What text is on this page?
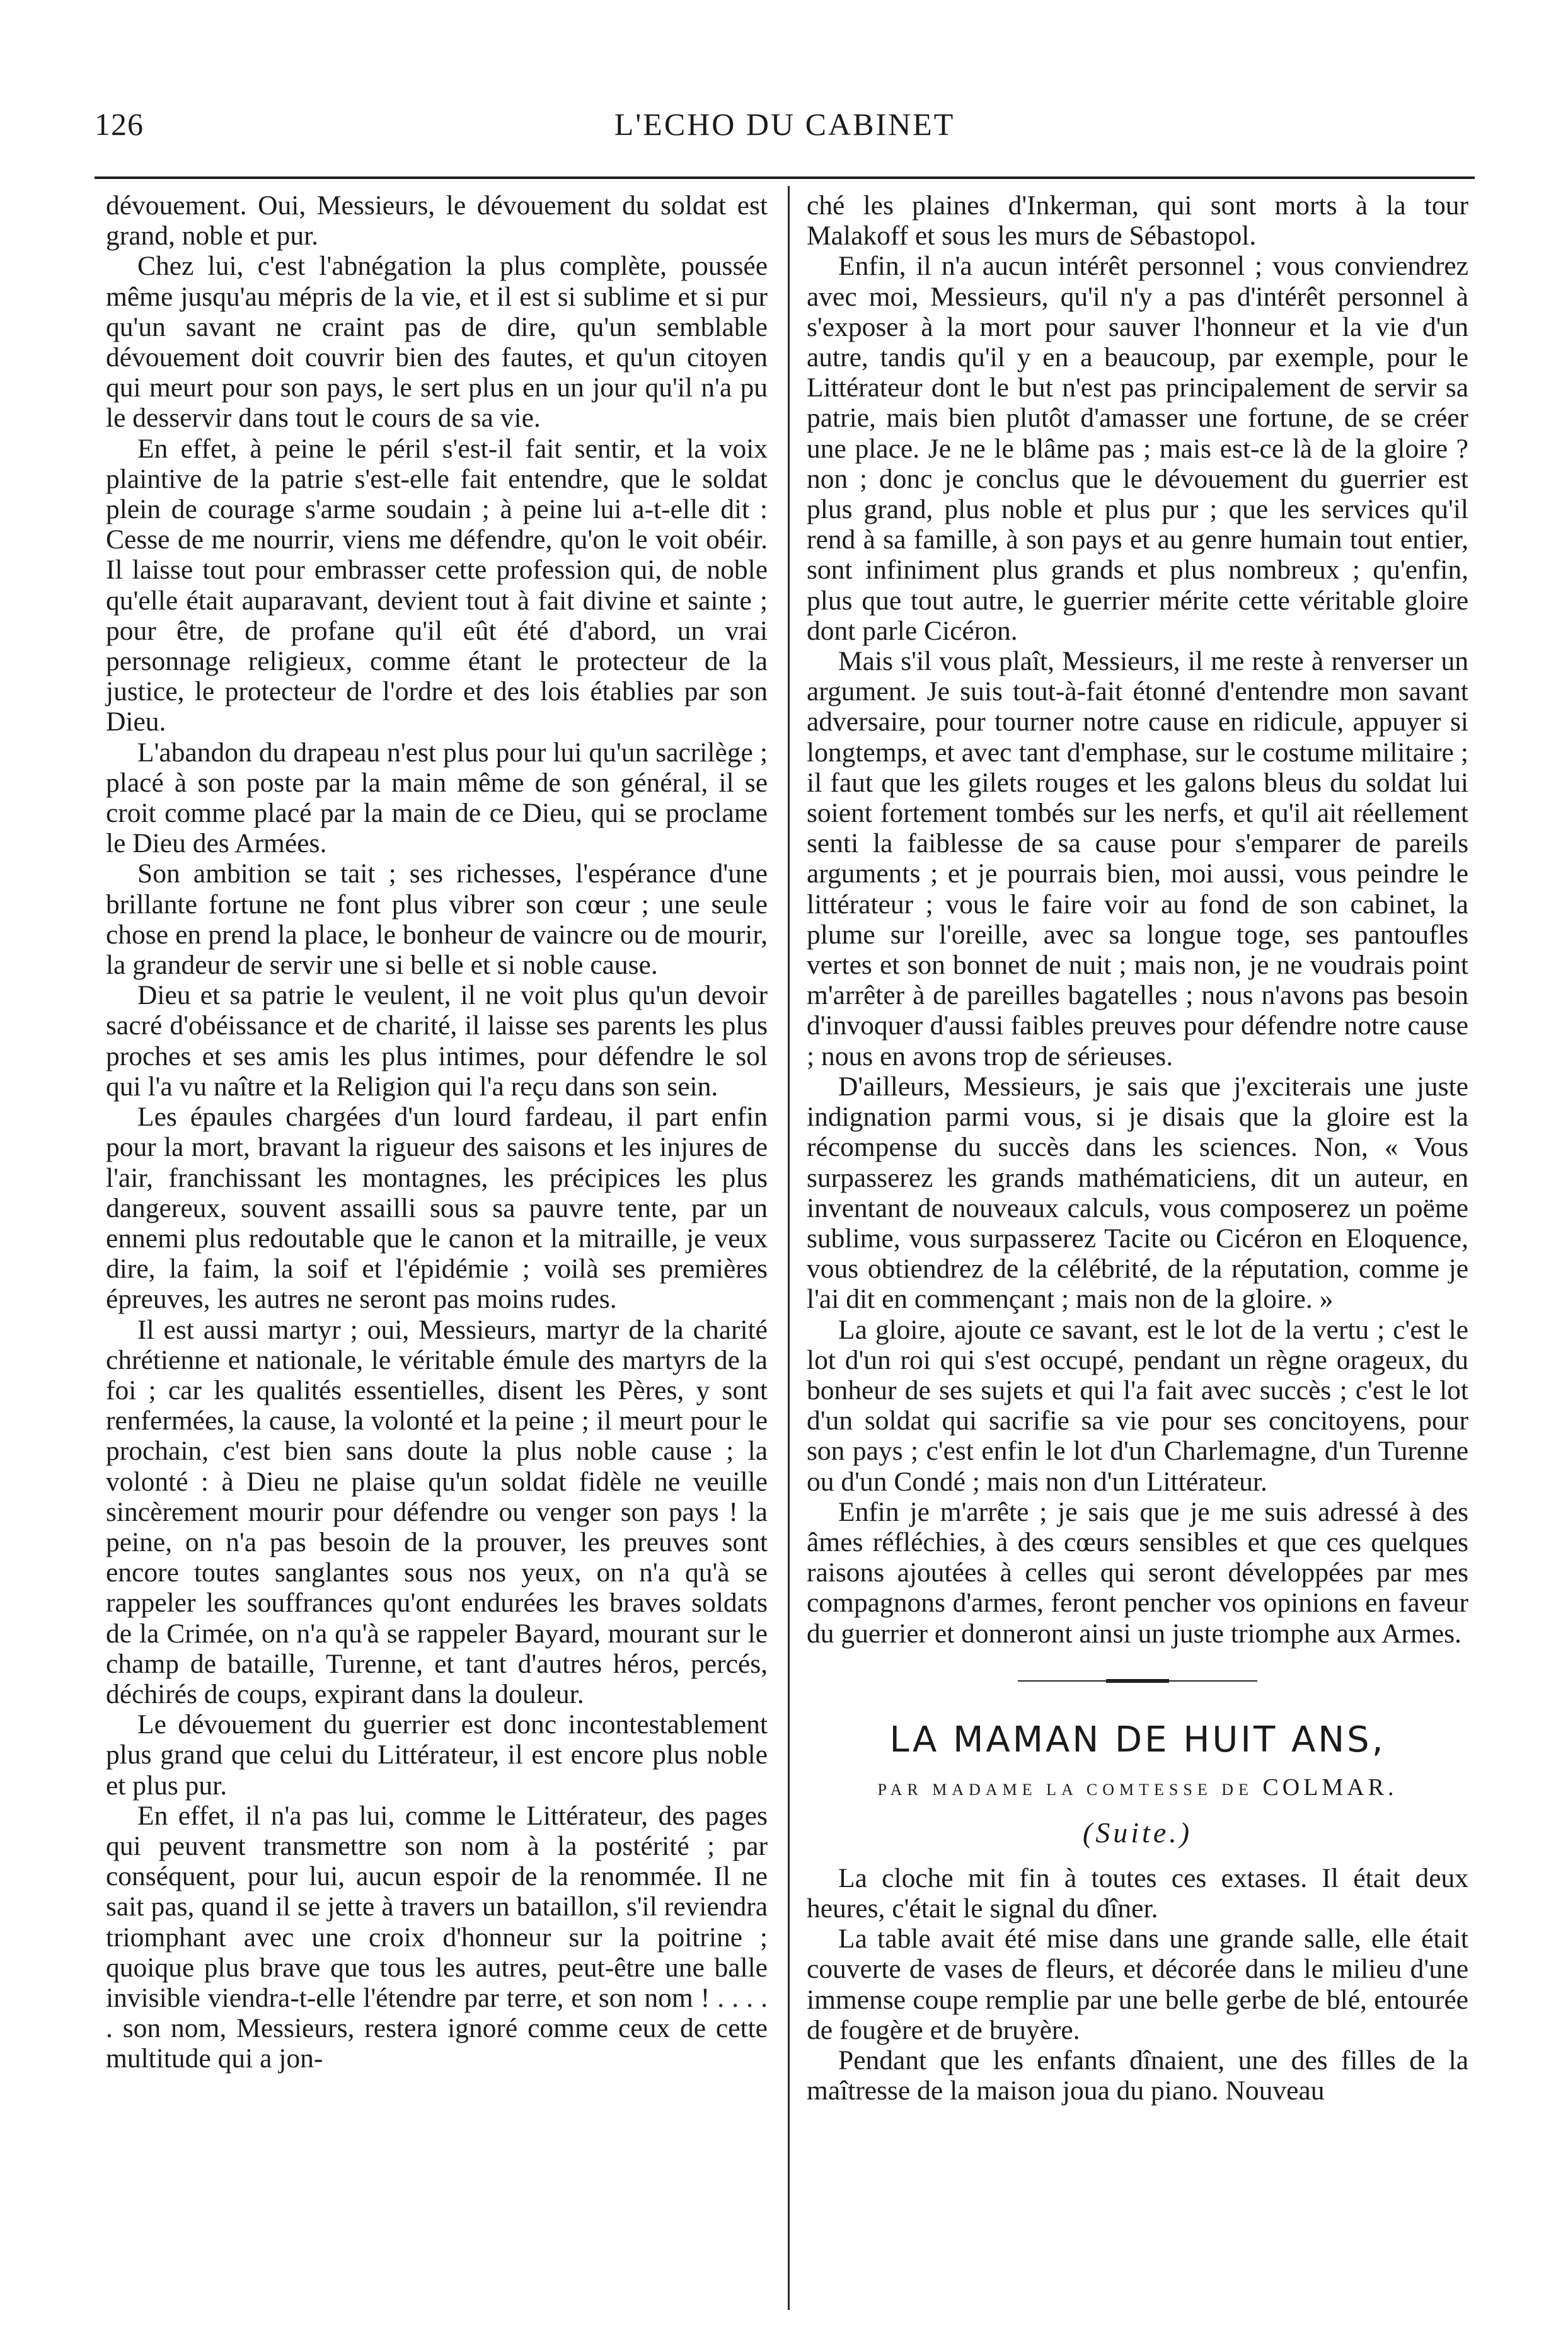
126	L'ECHO DU CABINET

dévouement. Oui, Messieurs, le dévouement du soldat est grand, noble et pur.

Chez lui, c'est l'abnégation la plus complète, poussée même jusqu'au mépris de la vie, et il est si sublime et si pur qu'un savant ne craint pas de dire, qu'un semblable dévouement doit couvrir bien des fautes, et qu'un citoyen qui meurt pour son pays, le sert plus en un jour qu'il n'a pu le desservir dans tout le cours de sa vie.

En effet, à peine le péril s'est-il fait sentir, et la voix plaintive de la patrie s'est-elle fait entendre, que le soldat plein de courage s'arme soudain ; à peine lui a-t-elle dit : Cesse de me nourrir, viens me défendre, qu'on le voit obéir. Il laisse tout pour embrasser cette profession qui, de noble qu'elle était auparavant, devient tout à fait divine et sainte ; pour être, de profane qu'il eût été d'abord, un vrai personnage religieux, comme étant le protecteur de la justice, le protecteur de l'ordre et des lois établies par son Dieu.

L'abandon du drapeau n'est plus pour lui qu'un sacrilège ; placé à son poste par la main même de son général, il se croit comme placé par la main de ce Dieu, qui se proclame le Dieu des Armées.

Son ambition se tait ; ses richesses, l'espérance d'une brillante fortune ne font plus vibrer son cœur ; une seule chose en prend la place, le bonheur de vaincre ou de mourir, la grandeur de servir une si belle et si noble cause.

Dieu et sa patrie le veulent, il ne voit plus qu'un devoir sacré d'obéissance et de charité, il laisse ses parents les plus proches et ses amis les plus intimes, pour défendre le sol qui l'a vu naître et la Religion qui l'a reçu dans son sein.

Les épaules chargées d'un lourd fardeau, il part enfin pour la mort, bravant la rigueur des saisons et les injures de l'air, franchissant les montagnes, les précipices les plus dangereux, souvent assailli sous sa pauvre tente, par un ennemi plus redoutable que le canon et la mitraille, je veux dire, la faim, la soif et l'épidémie ; voilà ses premières épreuves, les autres ne seront pas moins rudes.

Il est aussi martyr ; oui, Messieurs, martyr de la charité chrétienne et nationale, le véritable émule des martyrs de la foi ; car les qualités essentielles, disent les Pères, y sont renfermées, la cause, la volonté et la peine ; il meurt pour le prochain, c'est bien sans doute la plus noble cause ; la volonté : à Dieu ne plaise qu'un soldat fidèle ne veuille sincèrement mourir pour défendre ou venger son pays ! la peine, on n'a pas besoin de la prouver, les preuves sont encore toutes sanglantes sous nos yeux, on n'a qu'à se rappeler les souffrances qu'ont endurées les braves soldats de la Crimée, on n'a qu'à se rappeler Bayard, mourant sur le champ de bataille, Turenne, et tant d'autres héros, percés, déchirés de coups, expirant dans la douleur.

Le dévouement du guerrier est donc incontestablement plus grand que celui du Littérateur, il est encore plus noble et plus pur.

En effet, il n'a pas lui, comme le Littérateur, des pages qui peuvent transmettre son nom à la postérité ; par conséquent, pour lui, aucun espoir de la renommée. Il ne sait pas, quand il se jette à travers un bataillon, s'il reviendra triomphant avec une croix d'honneur sur la poitrine ; quoique plus brave que tous les autres, peut-être une balle invisible viendra-t-elle l'étendre par terre, et son nom ! . . . . . son nom, Messieurs, restera ignoré comme ceux de cette multitude qui a jon-

ché les plaines d'Inkerman, qui sont morts à la tour Malakoff et sous les murs de Sébastopol.

Enfin, il n'a aucun intérêt personnel ; vous conviendrez avec moi, Messieurs, qu'il n'y a pas d'intérêt personnel à s'exposer à la mort pour sauver l'honneur et la vie d'un autre, tandis qu'il y en a beaucoup, par exemple, pour le Littérateur dont le but n'est pas principalement de servir sa patrie, mais bien plutôt d'amasser une fortune, de se créer une place. Je ne le blâme pas ; mais est-ce là de la gloire ? non ; donc je conclus que le dévouement du guerrier est plus grand, plus noble et plus pur ; que les services qu'il rend à sa famille, à son pays et au genre humain tout entier, sont infiniment plus grands et plus nombreux ; qu'enfin, plus que tout autre, le guerrier mérite cette véritable gloire dont parle Cicéron.

Mais s'il vous plaît, Messieurs, il me reste à renverser un argument. Je suis tout-à-fait étonné d'entendre mon savant adversaire, pour tourner notre cause en ridicule, appuyer si longtemps, et avec tant d'emphase, sur le costume militaire ; il faut que les gilets rouges et les galons bleus du soldat lui soient fortement tombés sur les nerfs, et qu'il ait réellement senti la faiblesse de sa cause pour s'emparer de pareils arguments ; et je pourrais bien, moi aussi, vous peindre le littérateur ; vous le faire voir au fond de son cabinet, la plume sur l'oreille, avec sa longue toge, ses pantoufles vertes et son bonnet de nuit ; mais non, je ne voudrais point m'arrêter à de pareilles bagatelles ; nous n'avons pas besoin d'invoquer d'aussi faibles preuves pour défendre notre cause ; nous en avons trop de sérieuses.

D'ailleurs, Messieurs, je sais que j'exciterais une juste indignation parmi vous, si je disais que la gloire est la récompense du succès dans les sciences. Non, « Vous surpasserez les grands mathématiciens, dit un auteur, en inventant de nouveaux calculs, vous composerez un poëme sublime, vous surpasserez Tacite ou Cicéron en Eloquence, vous obtiendrez de la célébrité, de la réputation, comme je l'ai dit en commençant ; mais non de la gloire. »

La gloire, ajoute ce savant, est le lot de la vertu ; c'est le lot d'un roi qui s'est occupé, pendant un règne orageux, du bonheur de ses sujets et qui l'a fait avec succès ; c'est le lot d'un soldat qui sacrifie sa vie pour ses concitoyens, pour son pays ; c'est enfin le lot d'un Charlemagne, d'un Turenne ou d'un Condé ; mais non d'un Littérateur.

Enfin je m'arrête ; je sais que je me suis adressé à des âmes réfléchies, à des cœurs sensibles et que ces quelques raisons ajoutées à celles qui seront développées par mes compagnons d'armes, feront pencher vos opinions en faveur du guerrier et donneront ainsi un juste triomphe aux Armes.

LA MAMAN DE HUIT ANS,
PAR MADAME LA COMTESSE DE COLMAR.
(Suite.)

La cloche mit fin à toutes ces extases. Il était deux heures, c'était le signal du dîner.

La table avait été mise dans une grande salle, elle était couverte de vases de fleurs, et décorée dans le milieu d'une immense coupe remplie par une belle gerbe de blé, entourée de fougère et de bruyère.

Pendant que les enfants dînaient, une des filles de la maîtresse de la maison joua du piano. Nouveau
